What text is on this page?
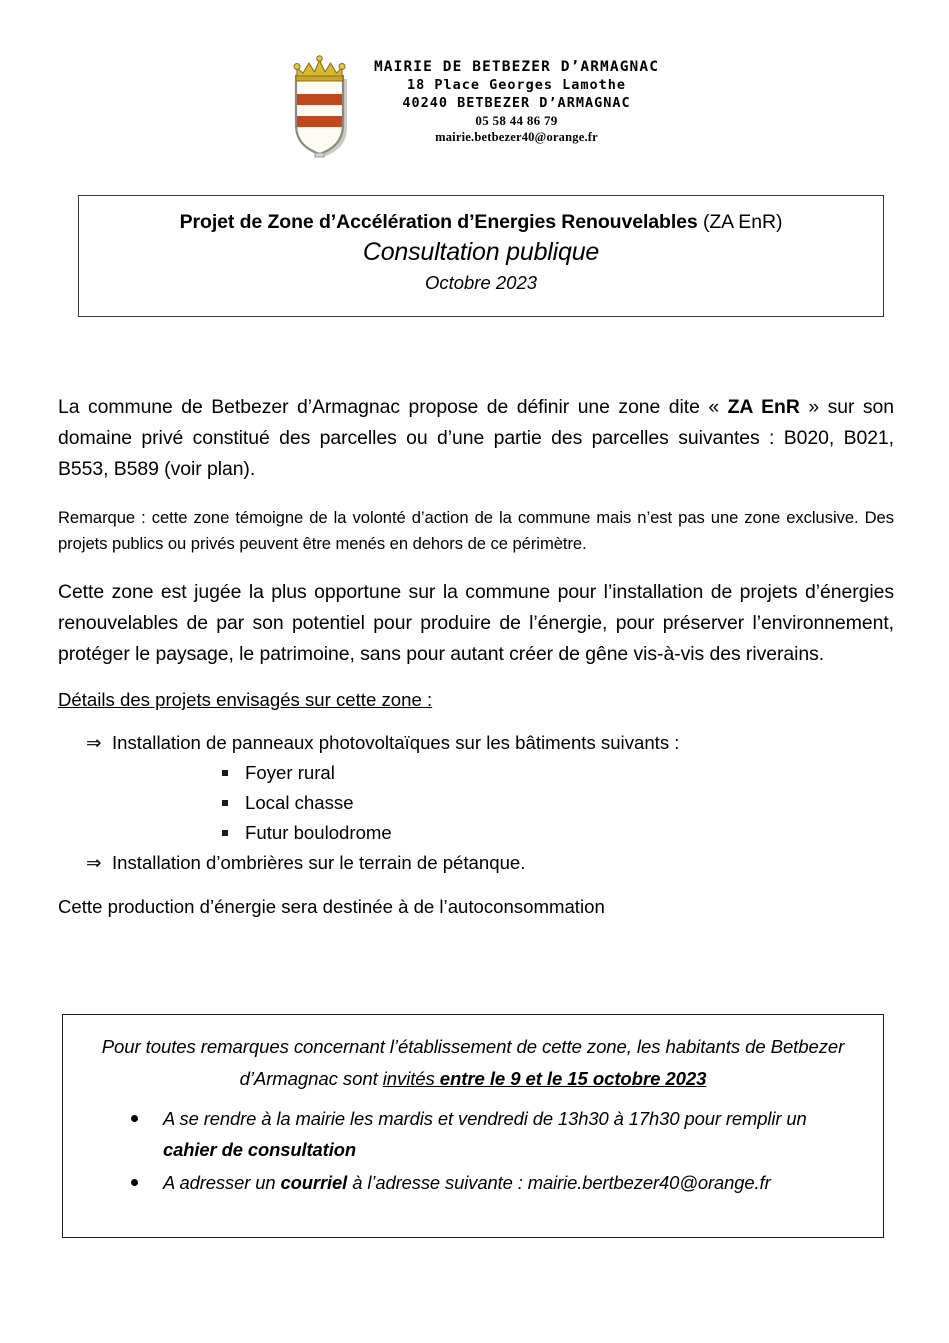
MAIRIE DE BETBEZER D’ARMAGNAC
18 Place Georges Lamothe
40240 BETBEZER D’ARMAGNAC
05 58 44 86 79
mairie.betbezer40@orange.fr
Projet de Zone d’Accélération d’Energies Renouvelables (ZA EnR)
Consultation publique
Octobre 2023

La commune de Betbezer d’Armagnac propose de définir une zone dite « ZA EnR » sur son domaine privé constitué des parcelles ou d’une partie des parcelles suivantes : B020, B021, B553, B589 (voir plan).

Remarque : cette zone témoigne de la volonté d’action de la commune mais n’est pas une zone exclusive. Des projets publics ou privés peuvent être menés en dehors de ce périmètre.

Cette zone est jugée la plus opportune sur la commune pour l’installation de projets d’énergies renouvelables de par son potentiel pour produire de l’énergie, pour préserver l’environnement, protéger le paysage, le patrimoine, sans pour autant créer de gêne vis-à-vis des riverains.

Détails des projets envisagés sur cette zone :

⇒ Installation de panneaux photovoltaïques sur les bâtiments suivants :

Foyer rural
Local chasse
Futur boulodrome

⇒ Installation d’ombrières sur le terrain de pétanque.

Cette production d’énergie sera destinée à de l’autoconsommation

Pour toutes remarques concernant l’établissement de cette zone, les habitants de Betbezer d’Armagnac sont invités entre le 9 et le 15 octobre 2023

A se rendre à la mairie les mardis et vendredi de 13h30 à 17h30 pour remplir un cahier de consultation
A adresser un courriel à l’adresse suivante : mairie.bertbezer40@orange.fr
